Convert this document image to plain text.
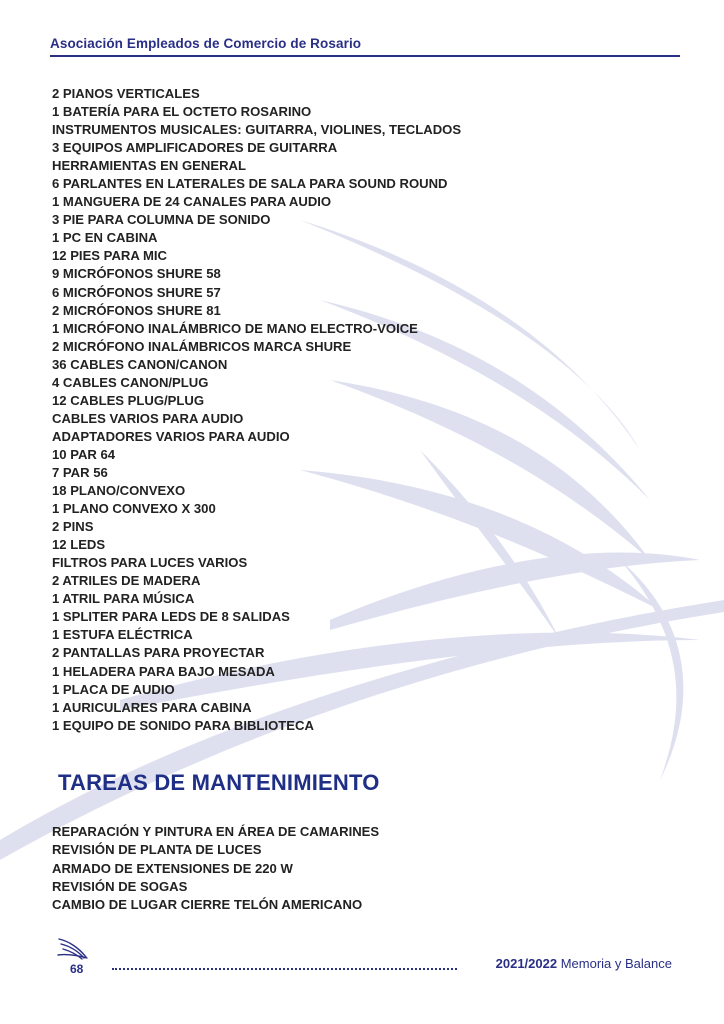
Asociación Empleados de Comercio de Rosario
2 PIANOS VERTICALES
1 BATERÍA PARA EL OCTETO ROSARINO
INSTRUMENTOS MUSICALES: GUITARRA, VIOLINES, TECLADOS
3 EQUIPOS AMPLIFICADORES DE GUITARRA
HERRAMIENTAS EN GENERAL
6 PARLANTES EN LATERALES DE SALA PARA SOUND ROUND
1 MANGUERA DE 24 CANALES PARA AUDIO
3 PIE PARA COLUMNA DE SONIDO
1 PC EN CABINA
12 PIES PARA MIC
9 MICRÓFONOS SHURE 58
6 MICRÓFONOS SHURE 57
2 MICRÓFONOS SHURE 81
1 MICRÓFONO INALÁMBRICO DE MANO ELECTRO-VOICE
2 MICRÓFONO INALÁMBRICOS MARCA SHURE
36 CABLES CANON/CANON
4 CABLES CANON/PLUG
12 CABLES PLUG/PLUG
CABLES VARIOS PARA AUDIO
ADAPTADORES VARIOS PARA AUDIO
10 PAR 64
7 PAR 56
18 PLANO/CONVEXO
1 PLANO CONVEXO X 300
2 PINS
12 LEDS
FILTROS PARA LUCES VARIOS
2 ATRILES DE MADERA
1 ATRIL PARA MÚSICA
1 SPLITER PARA LEDS DE 8 SALIDAS
1 ESTUFA ELÉCTRICA
2 PANTALLAS PARA PROYECTAR
1 HELADERA PARA BAJO MESADA
1 PLACA DE AUDIO
1 AURICULARES PARA CABINA
1 EQUIPO DE SONIDO PARA BIBLIOTECA
TAREAS DE MANTENIMIENTO
REPARACIÓN Y PINTURA EN ÁREA DE CAMARINES
REVISIÓN DE PLANTA DE LUCES
ARMADO DE EXTENSIONES DE 220 W
REVISIÓN DE SOGAS
CAMBIO DE LUGAR CIERRE TELÓN AMERICANO
68	2021/2022 Memoria y Balance
